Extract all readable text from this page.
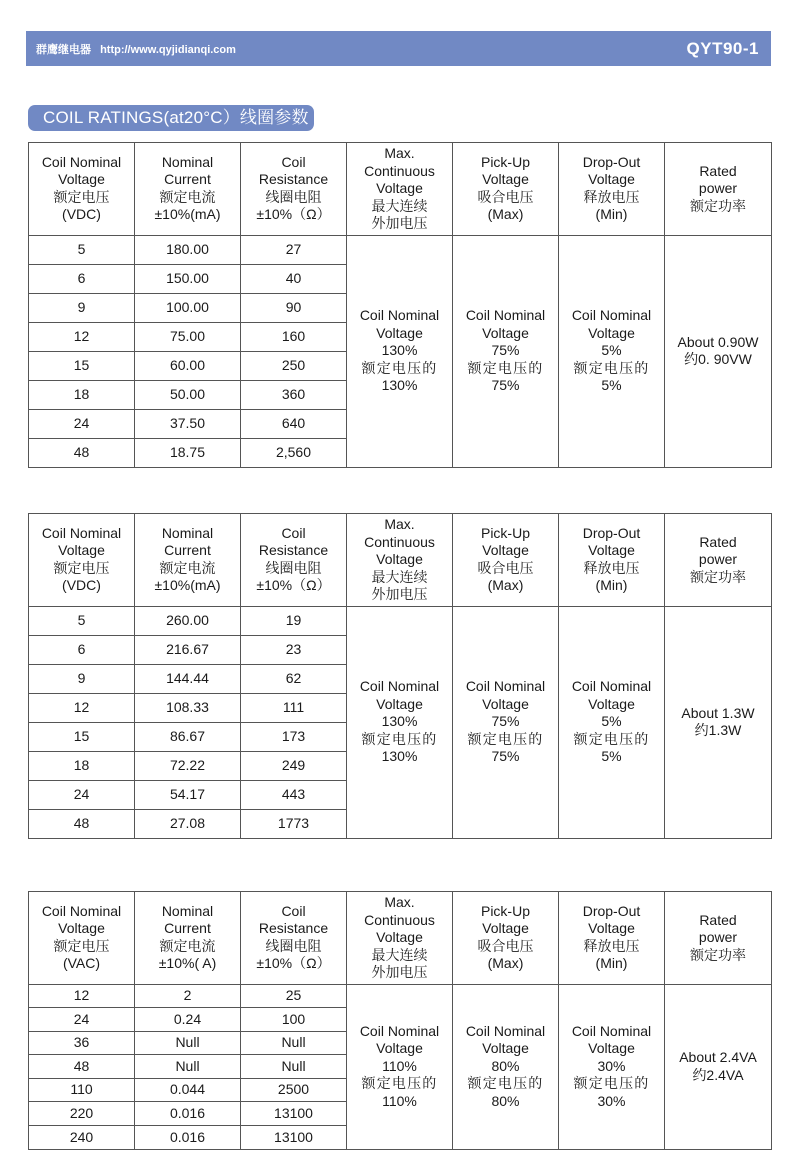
群鹰继电器 http://www.qyjidianqi.com	QYT90-1
COIL RATINGS(at20°C）线圈参数（在20°C)
Coil Nominal
Voltage
额定电压
(VDC)	Nominal
Current
额定电流
±10%(mA)	Coil
Resistance
线圈电阻
±10%（Ω）	Max.
Continuous
Voltage
最大连续
外加电压	Pick-Up
Voltage
吸合电压
(Max)	Drop-Out
Voltage
释放电压
(Min)	Rated
power
额定功率

5	180.00	27	Coil Nominal
Voltage
130%
额定电压的
130%	Coil Nominal
Voltage
75%
额定电压的
75%	Coil Nominal
Voltage
5%
额定电压的
5%	About 0.90W
约0. 90VW

6	150.00	40				
9	100.00	90				
12	75.00	160				
15	60.00	250				
18	50.00	360				
24	37.50	640				
48	18.75	2,560				
Coil Nominal
Voltage
额定电压
(VDC)	Nominal
Current
额定电流
±10%(mA)	Coil
Resistance
线圈电阻
±10%（Ω）	Max.
Continuous
Voltage
最大连续
外加电压	Pick-Up
Voltage
吸合电压
(Max)	Drop-Out
Voltage
释放电压
(Min)	Rated
power
额定功率

5	260.00	19	Coil Nominal
Voltage
130%
额定电压的
130%	Coil Nominal
Voltage
75%
额定电压的
75%	Coil Nominal
Voltage
5%
额定电压的
5%	About 1.3W
约1.3W

6	216.67	23				
9	144.44	62				
12	108.33	111				
15	86.67	173				
18	72.22	249				
24	54.17	443				
48	27.08	1773				
Coil Nominal
Voltage
额定电压
(VAC)	Nominal
Current
额定电流
±10%( A)	Coil
Resistance
线圈电阻
±10%（Ω）	Max.
Continuous
Voltage
最大连续
外加电压	Pick-Up
Voltage
吸合电压
(Max)	Drop-Out
Voltage
释放电压
(Min)	Rated
power
额定功率

12	2	25	Coil Nominal
Voltage
110%
额定电压的
110%	Coil Nominal
Voltage
80%
额定电压的
80%	Coil Nominal
Voltage
30%
额定电压的
30%	About 2.4VA
约2.4VA

24	0.24	100				
36	Null	Null				
48	Null	Null				
110	0.044	2500				
220	0.016	13100				
240	0.016	13100				
